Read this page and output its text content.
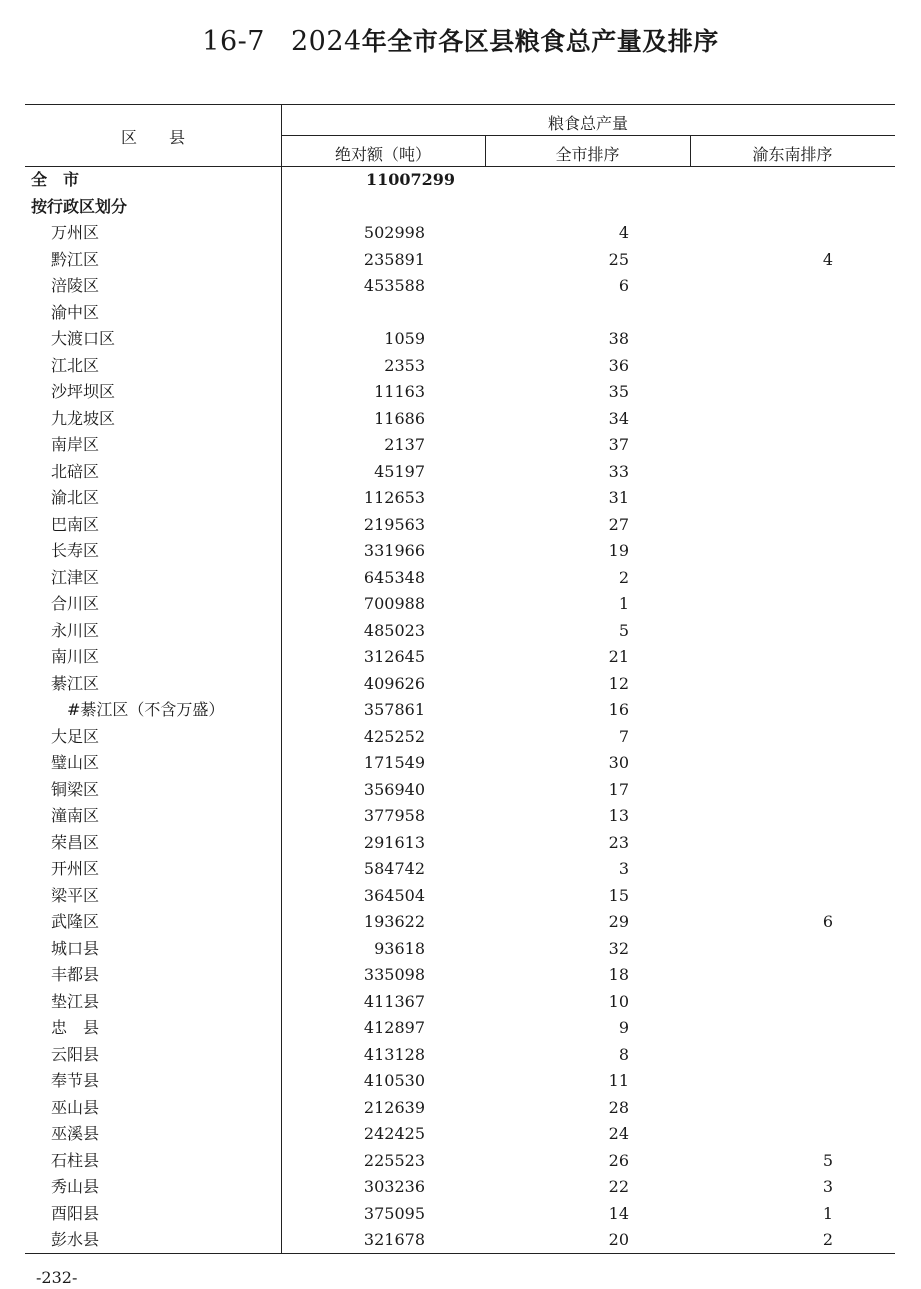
16-7 2024年全市各区县粮食总产量及排序
区　　县
粮食总产量
绝对额（吨）	全市排序	渝东南排序
全　市	11007299
按行政区划分
万州区	502998	4
黔江区	235891	25	4
涪陵区	453588	6
渝中区
大渡口区	1059	38
江北区	2353	36
沙坪坝区	11163	35
九龙坡区	11686	34
南岸区	2137	37
北碚区	45197	33
渝北区	112653	31
巴南区	219563	27
长寿区	331966	19
江津区	645348	2
合川区	700988	1
永川区	485023	5
南川区	312645	21
綦江区	409626	12
#綦江区（不含万盛）	357861	16
大足区	425252	7
璧山区	171549	30
铜梁区	356940	17
潼南区	377958	13
荣昌区	291613	23
开州区	584742	3
梁平区	364504	15
武隆区	193622	29	6
城口县	93618	32
丰都县	335098	18
垫江县	411367	10
忠　县	412897	9
云阳县	413128	8
奉节县	410530	11
巫山县	212639	28
巫溪县	242425	24
石柱县	225523	26	5
秀山县	303236	22	3
酉阳县	375095	14	1
彭水县	321678	20	2
-232-
